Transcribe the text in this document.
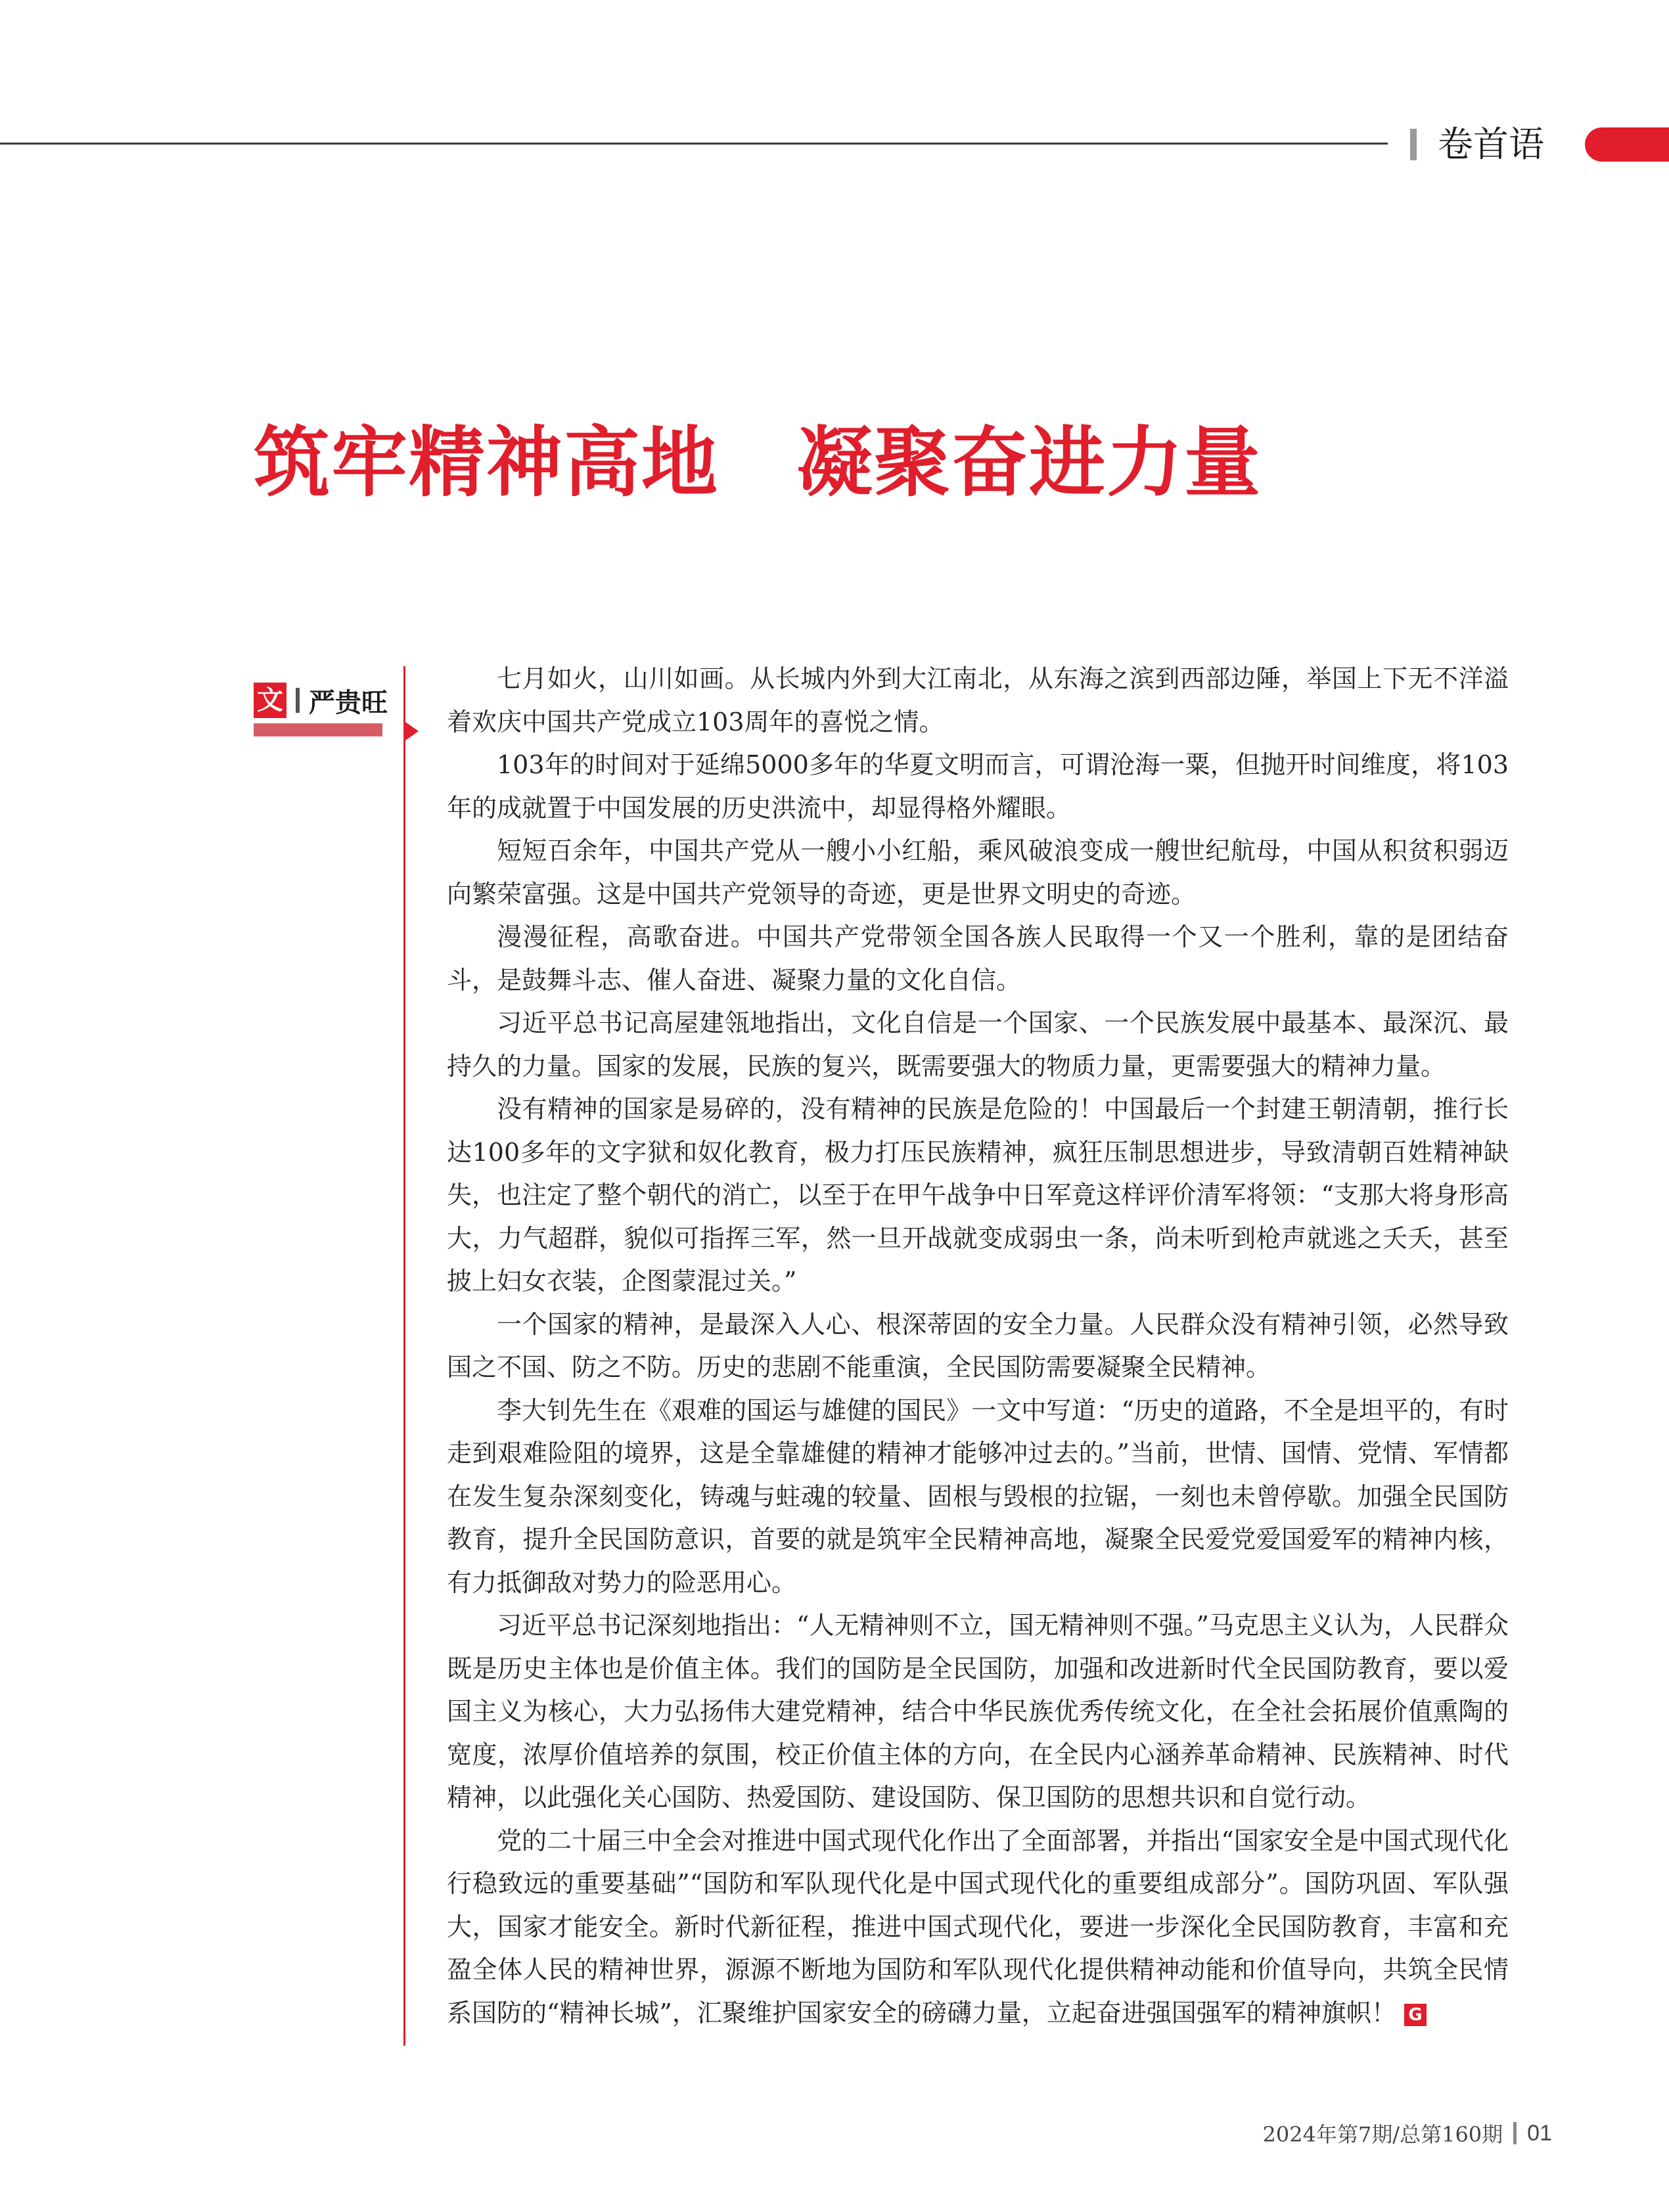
卷首语
筑牢精神高地　凝聚奋进力量
文 严贵旺

七月如火，山川如画。从长城内外到大江南北，从东海之滨到西部边陲，举国上下无不洋溢着欢庆中国共产党成立103周年的喜悦之情。

103年的时间对于延绵5000多年的华夏文明而言，可谓沧海一粟，但抛开时间维度，将103年的成就置于中国发展的历史洪流中，却显得格外耀眼。

短短百余年，中国共产党从一艘小小红船，乘风破浪变成一艘世纪航母，中国从积贫积弱迈向繁荣富强。这是中国共产党领导的奇迹，更是世界文明史的奇迹。

漫漫征程，高歌奋进。中国共产党带领全国各族人民取得一个又一个胜利，靠的是团结奋斗，是鼓舞斗志、催人奋进、凝聚力量的文化自信。

习近平总书记高屋建瓴地指出，文化自信是一个国家、一个民族发展中最基本、最深沉、最持久的力量。国家的发展，民族的复兴，既需要强大的物质力量，更需要强大的精神力量。

没有精神的国家是易碎的，没有精神的民族是危险的！中国最后一个封建王朝清朝，推行长达100多年的文字狱和奴化教育，极力打压民族精神，疯狂压制思想进步，导致清朝百姓精神缺失，也注定了整个朝代的消亡，以至于在甲午战争中日军竟这样评价清军将领：“支那大将身形高大，力气超群，貌似可指挥三军，然一旦开战就变成弱虫一条，尚未听到枪声就逃之夭夭，甚至披上妇女衣装，企图蒙混过关。”

一个国家的精神，是最深入人心、根深蒂固的安全力量。人民群众没有精神引领，必然导致国之不国、防之不防。历史的悲剧不能重演，全民国防需要凝聚全民精神。

李大钊先生在《艰难的国运与雄健的国民》一文中写道：“历史的道路，不全是坦平的，有时走到艰难险阻的境界，这是全靠雄健的精神才能够冲过去的。”当前，世情、国情、党情、军情都在发生复杂深刻变化，铸魂与蛀魂的较量、固根与毁根的拉锯，一刻也未曾停歇。加强全民国防教育，提升全民国防意识，首要的就是筑牢全民精神高地，凝聚全民爱党爱国爱军的精神内核，有力抵御敌对势力的险恶用心。

习近平总书记深刻地指出：“人无精神则不立，国无精神则不强。”马克思主义认为，人民群众既是历史主体也是价值主体。我们的国防是全民国防，加强和改进新时代全民国防教育，要以爱国主义为核心，大力弘扬伟大建党精神，结合中华民族优秀传统文化，在全社会拓展价值熏陶的宽度，浓厚价值培养的氛围，校正价值主体的方向，在全民内心涵养革命精神、民族精神、时代精神，以此强化关心国防、热爱国防、建设国防、保卫国防的思想共识和自觉行动。

党的二十届三中全会对推进中国式现代化作出了全面部署，并指出“国家安全是中国式现代化行稳致远的重要基础”“国防和军队现代化是中国式现代化的重要组成部分”。国防巩固、军队强大，国家才能安全。新时代新征程，推进中国式现代化，要进一步深化全民国防教育，丰富和充盈全体人民的精神世界，源源不断地为国防和军队现代化提供精神动能和价值导向，共筑全民情系国防的“精神长城”，汇聚维护国家安全的磅礴力量，立起奋进强国强军的精神旗帜！ G

2024年第7期/总第160期 01
